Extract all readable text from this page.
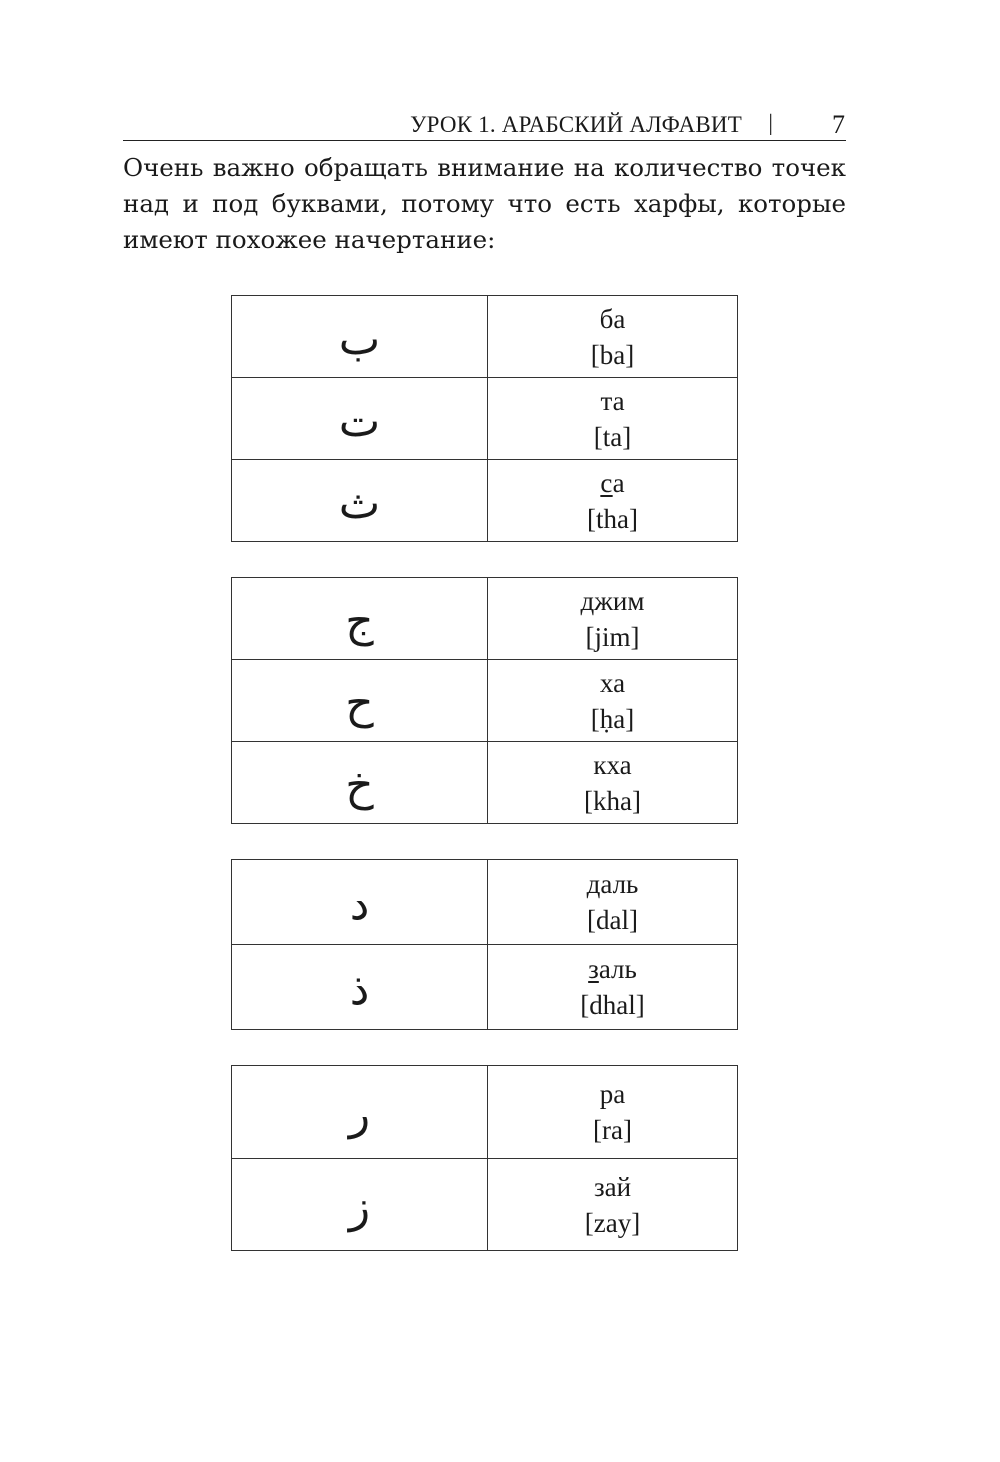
УРОК 1. АРАБСКИЙ АЛФАВИТ | 7

Очень важно обращать внимание на количество точек над и под буквами, потому что есть харфы, которые имеют похожее начертание:

ب	ба
[ba]

ت	та
[ta]

ث	са
[tha]
ج	джим
[jim]

ح	ха
[ḥa]

خ	кха
[kha]
د	даль
[dal]

ذ	заль
[dhal]
ر	ра
[ra]

ز	зай
[zay]
